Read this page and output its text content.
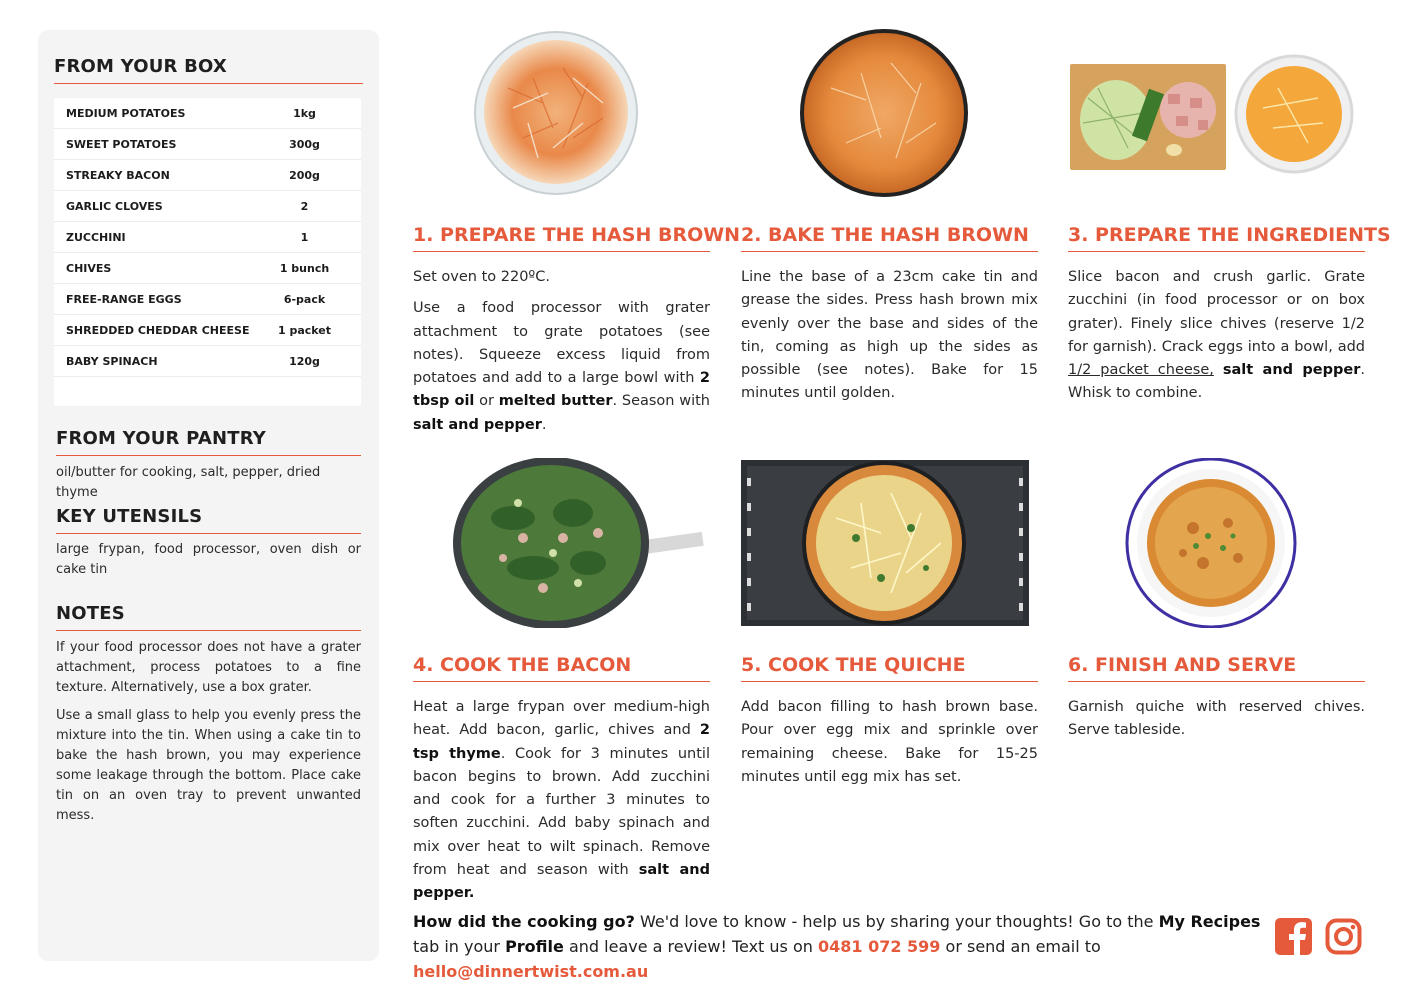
FROM YOUR BOX
MEDIUM POTATOES	1kg
SWEET POTATOES	300g
STREAKY BACON	200g
GARLIC CLOVES	2
ZUCCHINI	1
CHIVES	1 bunch
FREE-RANGE EGGS	6-pack
SHREDDED CHEDDAR CHEESE	1 packet
BABY SPINACH	120g
FROM YOUR PANTRY
oil/butter for cooking, salt, pepper, dried thyme
KEY UTENSILS
large frypan, food processor, oven dish or cake tin
NOTES

If your food processor does not have a grater attachment, process potatoes to a fine texture. Alternatively, use a box grater.

Use a small glass to help you evenly press the mixture into the tin. When using a cake tin to bake the hash brown, you may experience some leakage through the bottom. Place cake tin on an oven tray to prevent unwanted mess.

1. PREPARE THE HASH BROWN 2. BAKE THE HASH BROWN	3. PREPARE THE INGREDIENTS
4. COOK THE BACON	5. COOK THE QUICHE	6. FINISH AND SERVE

Set oven to 220ºC.

Use a food processor with grater attachment to grate potatoes (see notes). Squeeze excess liquid from potatoes and add to a large bowl with 2 tbsp oil or melted butter. Season with salt and pepper.

Line the base of a 23cm cake tin and grease the sides. Press hash brown mix evenly over the base and sides of the tin, coming as high up the sides as possible (see notes). Bake for 15 minutes until golden.

Slice bacon and crush garlic. Grate zucchini (in food processor or on box grater). Finely slice chives (reserve 1/2 for garnish). Crack eggs into a bowl, add 1/2 packet cheese, salt and pepper. Whisk to combine.

Heat a large frypan over medium-high heat. Add bacon, garlic, chives and 2 tsp thyme. Cook for 3 minutes until bacon begins to brown. Add zucchini and cook for a further 3 minutes to soften zucchini. Add baby spinach and mix over heat to wilt spinach. Remove from heat and season with salt and pepper.

Add bacon filling to hash brown base. Pour over egg mix and sprinkle over remaining cheese. Bake for 15-25 minutes until egg mix has set.

Garnish quiche with reserved chives. Serve tableside.

How did the cooking go? We'd love to know - help us by sharing your thoughts! Go to the My Recipes tab in your Profile and leave a review! Text us on 0481 072 599 or send an email to hello@dinnertwist.com.au
